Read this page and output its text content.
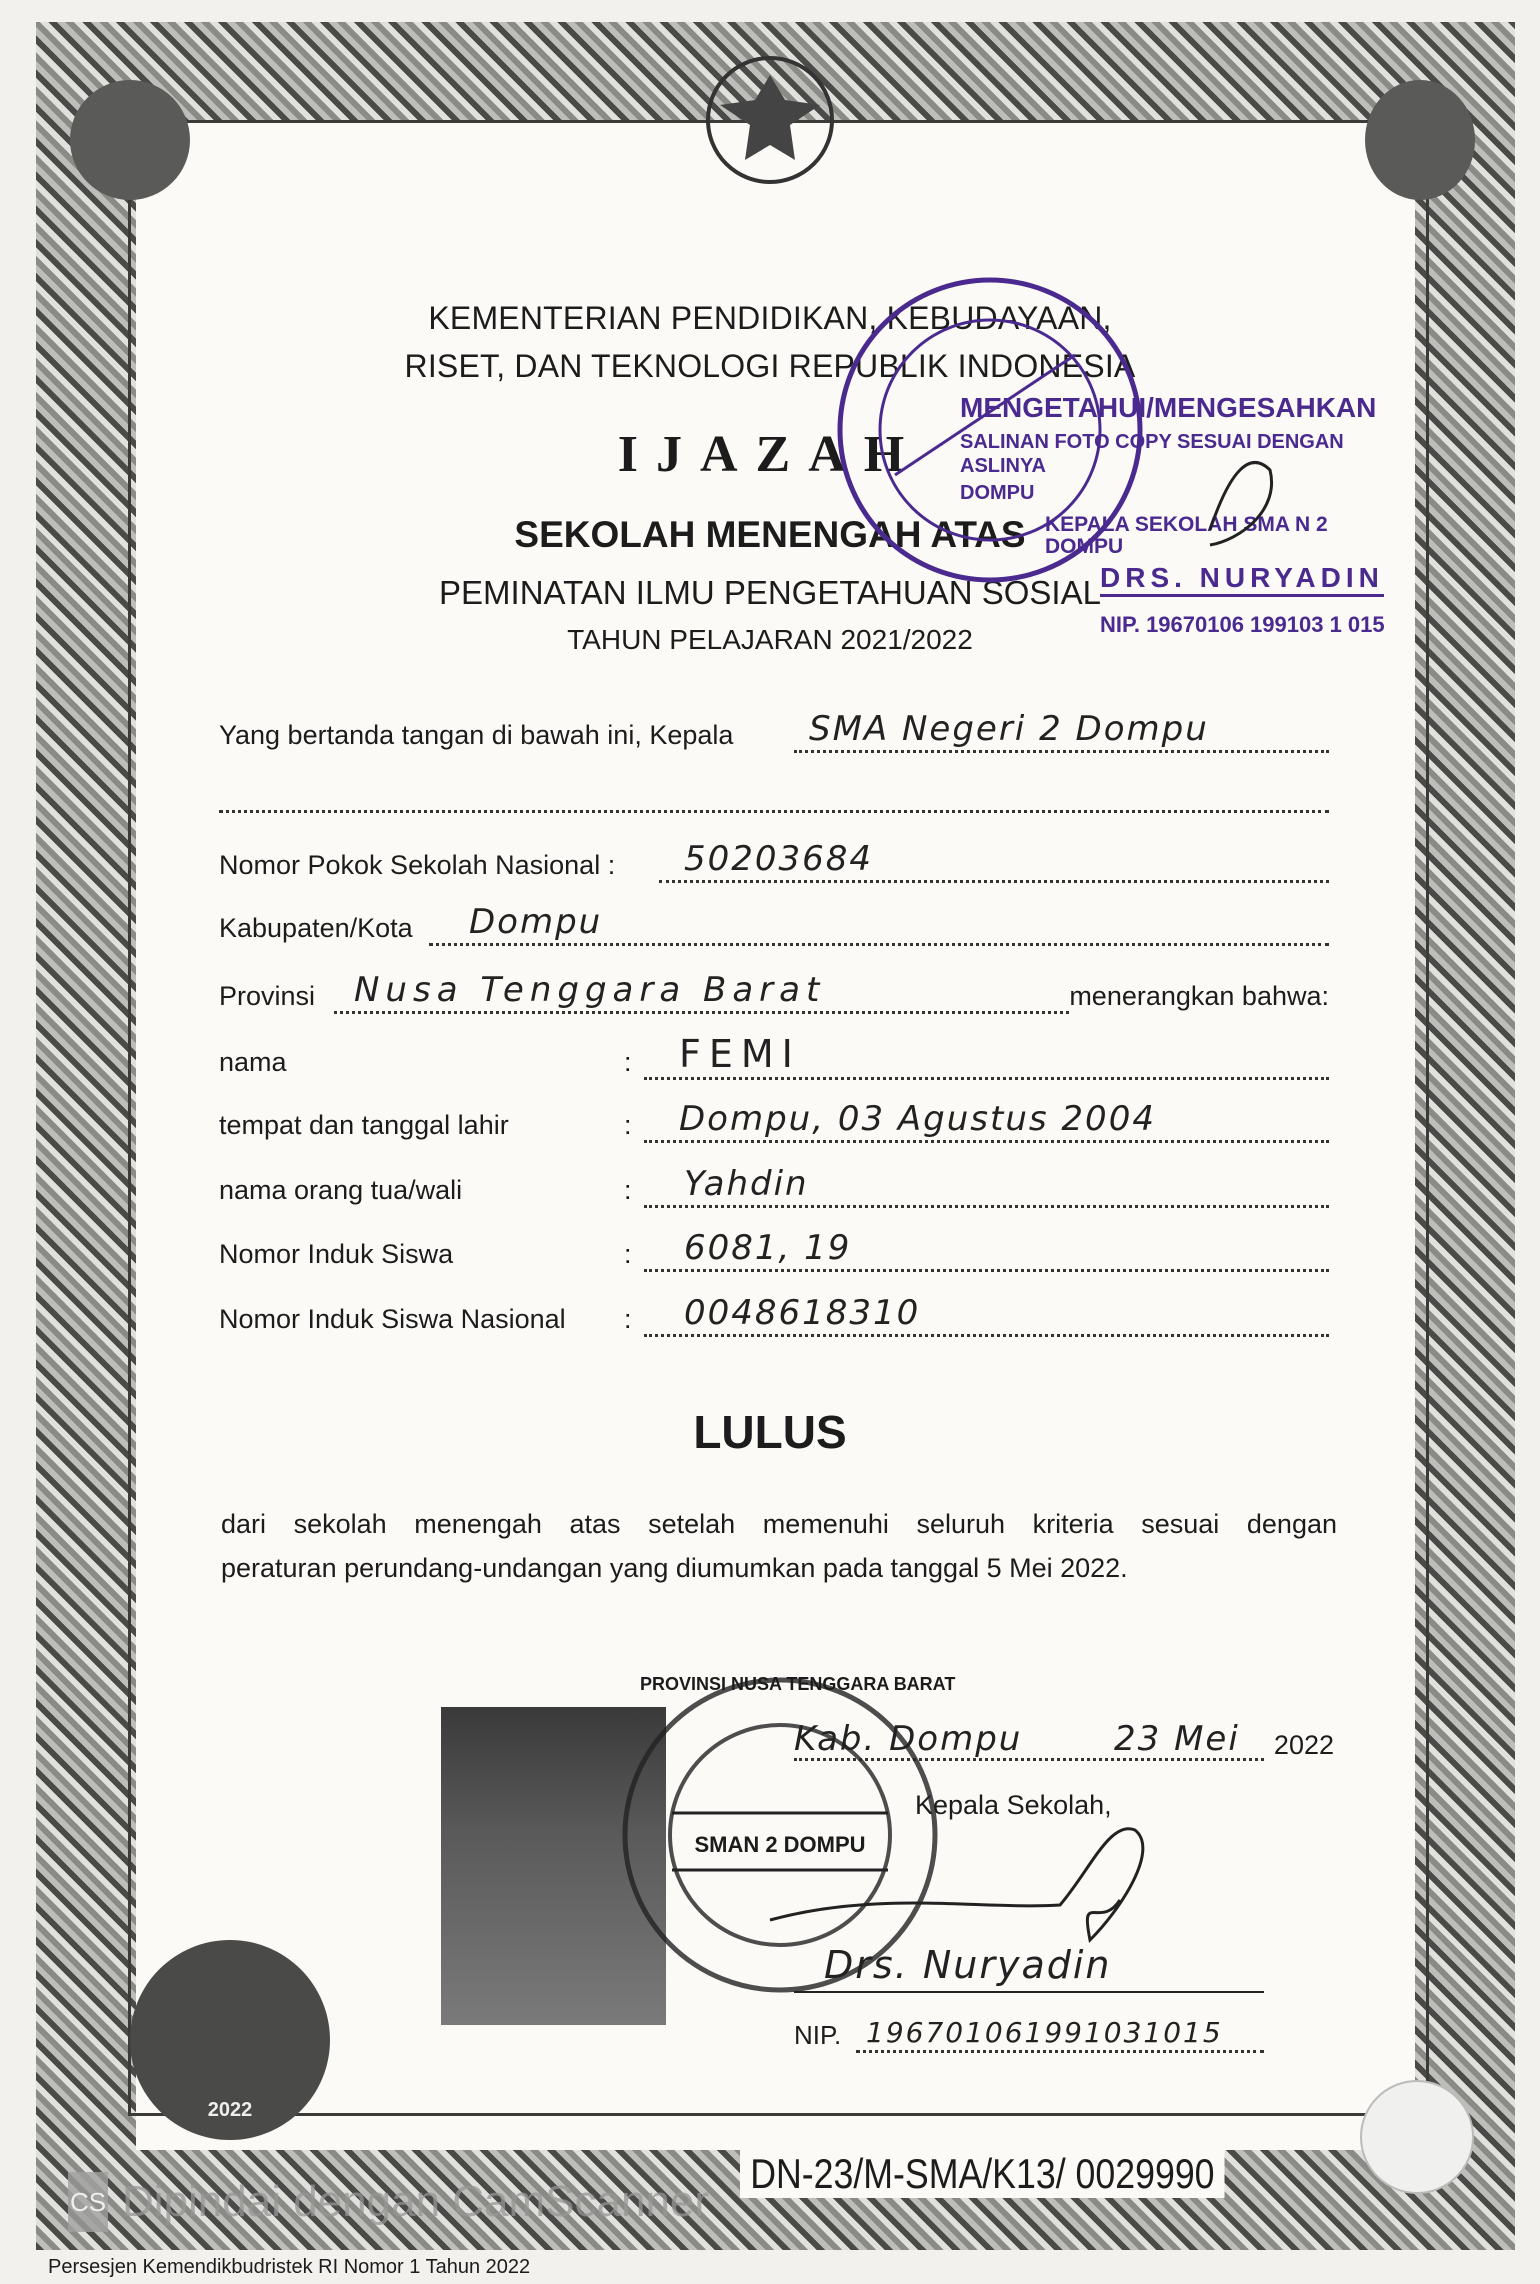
KEMENTERIAN PENDIDIKAN, KEBUDAYAAN,
RISET, DAN TEKNOLOGI REPUBLIK INDONESIA
IJAZAH
SEKOLAH MENENGAH ATAS
PEMINATAN ILMU PENGETAHUAN SOSIAL
TAHUN PELAJARAN 2021/2022
Yang bertanda tangan di bawah ini, Kepala SMA Negeri 2 Dompu
Nomor Pokok Sekolah Nasional : 50203684
Kabupaten/Kota Dompu
Provinsi Nusa Tenggara Barat	menerangkan bahwa:
nama	: FEMI
tempat dan tanggal lahir	: Dompu, 03 Agustus 2004
nama orang tua/wali	: Yahdin
Nomor Induk Siswa	: 6081, 19
Nomor Induk Siswa Nasional : 0048618310
LULUS
dari sekolah menengah atas setelah memenuhi seluruh kriteria sesuai dengan
peraturan perundang-undangan yang diumumkan pada tanggal 5 Mei 2022.
Kab. Dompu	23 Mei 2022
Kepala Sekolah,
Drs. Nuryadin
NIP. 196701061991031015
SMAN 2 DOMPU
PROVINSI NUSA TENGGARA BARAT
MENGETAHUI/MENGESAHKAN
SALINAN FOTO COPY SESUAI DENGAN ASLINYA
DOMPU
KEPALA SEKOLAH SMA N 2 DOMPU
DRS. NURYADIN
NIP. 19670106 199103 1 015
2022
DN-23/M-SMA/K13/ 0029990
CS Dipindai dengan CamScanner
Persesjen Kemendikbudristek RI Nomor 1 Tahun 2022
